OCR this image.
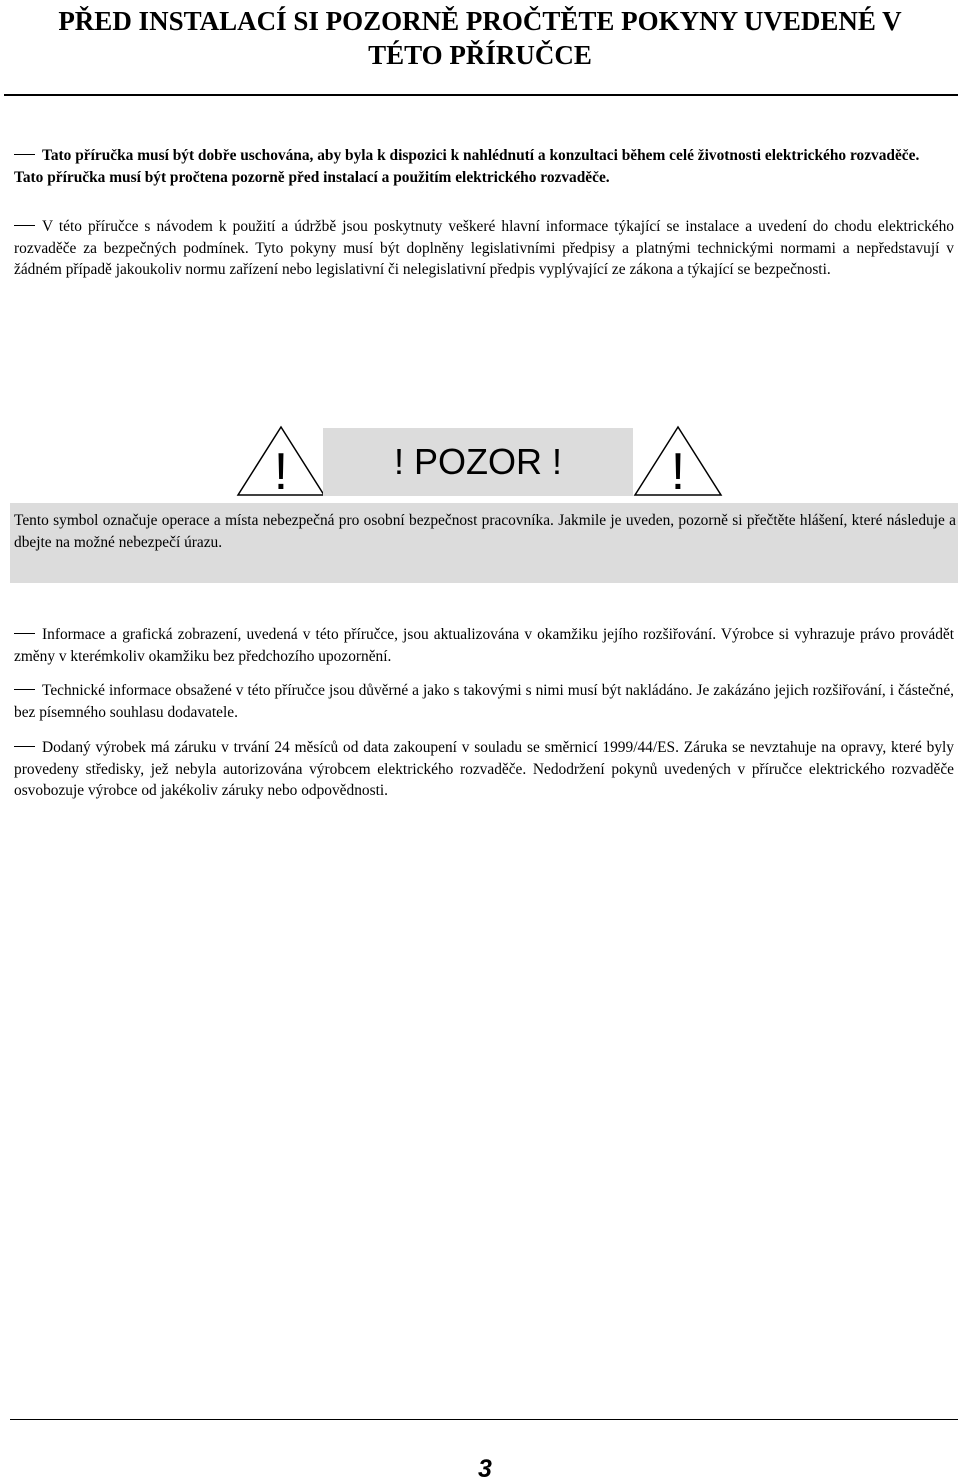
PŘED INSTALACÍ SI POZORNĚ PROČTĚTE POKYNY UVEDENÉ V
TÉTO PŘÍRUČCE

Tato příručka musí být dobře uschována, aby byla k dispozici k nahlédnutí a konzultaci během celé životnosti elektrického rozvaděče.
Tato příručka musí být pročtena pozorně před instalací a použitím elektrického rozvaděče.

V této příručce s návodem k použití a údržbě jsou poskytnuty veškeré hlavní informace týkající se instalace a uvedení do chodu elektrického rozvaděče za bezpečných podmínek. Tyto pokyny musí být doplněny legislativními předpisy a platnými technickými normami a nepředstavují v žádném případě jakoukoliv normu zařízení nebo legislativní či nelegislativní předpis vyplývající ze zákona a týkající se bezpečnosti.

!	! POZOR !	!
Tento symbol označuje operace a místa nebezpečná pro osobní bezpečnost pracovníka. Jakmile je uveden, pozorně si přečtěte hlášení, které následuje a dbejte na možné nebezpečí úrazu.

Informace a grafická zobrazení, uvedená v této příručce, jsou aktualizována v okamžiku jejího rozšiřování. Výrobce si vyhrazuje právo provádět změny v kterémkoliv okamžiku bez předchozího upozornění.

Technické informace obsažené v této příručce jsou důvěrné a jako s takovými s nimi musí být nakládáno. Je zakázáno jejich rozšiřování, i částečné, bez písemného souhlasu dodavatele.

Dodaný výrobek má záruku v trvání 24 měsíců od data zakoupení v souladu se směrnicí 1999/44/ES. Záruka se nevztahuje na opravy, které byly provedeny středisky, jež nebyla autorizována výrobcem elektrického rozvaděče. Nedodržení pokynů uvedených v příručce elektrického rozvaděče osvobozuje výrobce od jakékoliv záruky nebo odpovědnosti.

3
